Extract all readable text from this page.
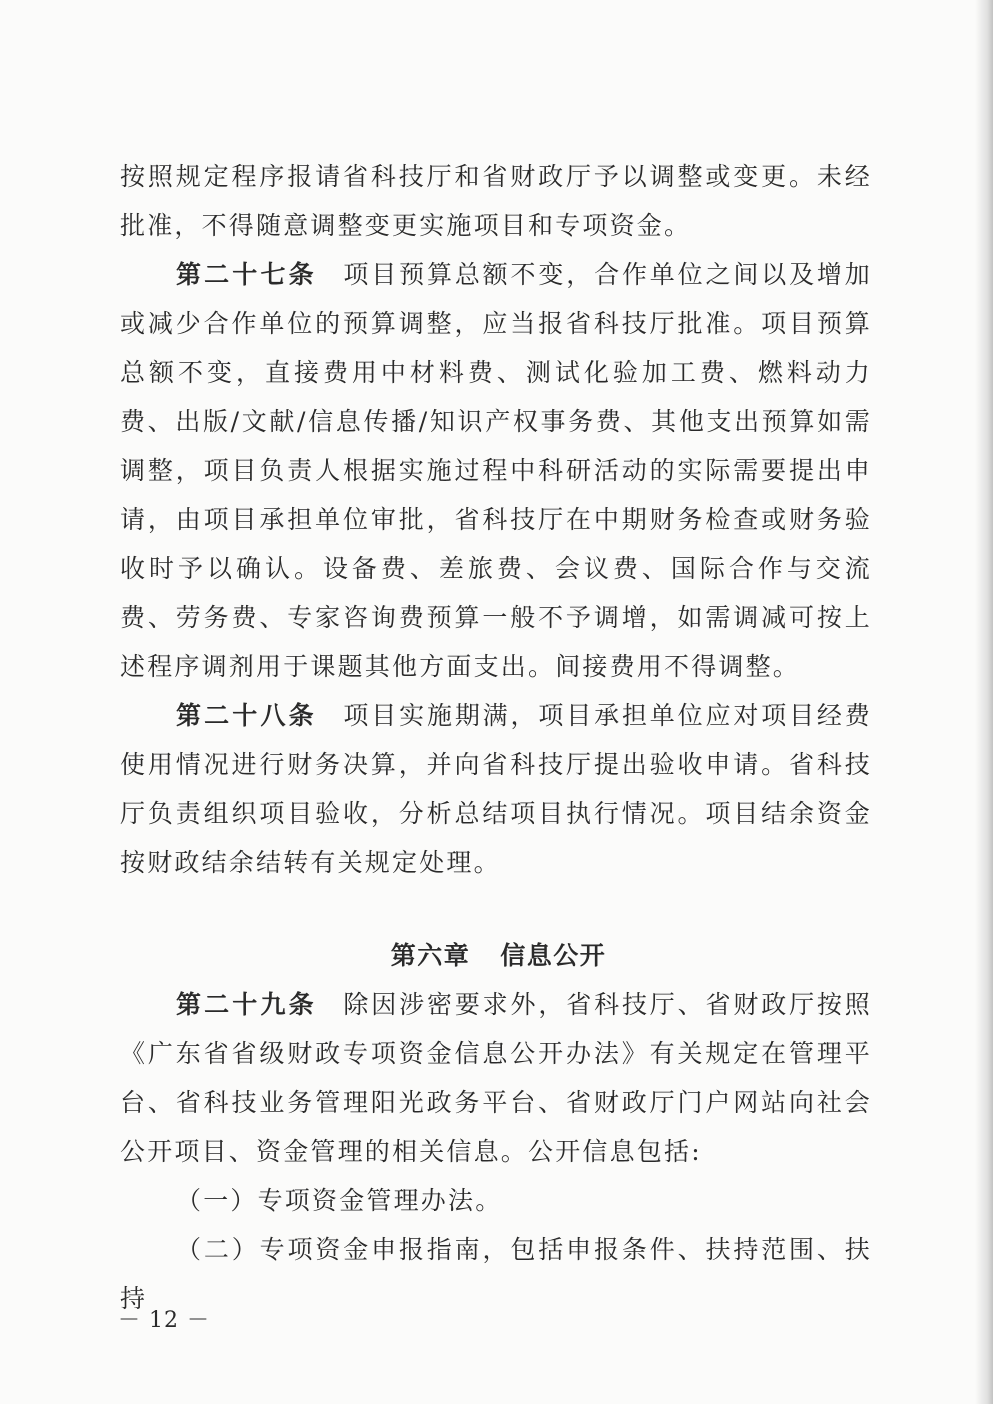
按照规定程序报请省科技厅和省财政厅予以调整或变更。未经批准，不得随意调整变更实施项目和专项资金。

第二十七条 项目预算总额不变，合作单位之间以及增加或减少合作单位的预算调整，应当报省科技厅批准。项目预算总额不变，直接费用中材料费、测试化验加工费、燃料动力费、出版/文献/信息传播/知识产权事务费、其他支出预算如需调整，项目负责人根据实施过程中科研活动的实际需要提出申请，由项目承担单位审批，省科技厅在中期财务检查或财务验收时予以确认。设备费、差旅费、会议费、国际合作与交流费、劳务费、专家咨询费预算一般不予调增，如需调减可按上述程序调剂用于课题其他方面支出。间接费用不得调整。

第二十八条 项目实施期满，项目承担单位应对项目经费使用情况进行财务决算，并向省科技厅提出验收申请。省科技厅负责组织项目验收，分析总结项目执行情况。项目结余资金按财政结余结转有关规定处理。

第六章 信息公开

第二十九条 除因涉密要求外，省科技厅、省财政厅按照《广东省省级财政专项资金信息公开办法》有关规定在管理平台、省科技业务管理阳光政务平台、省财政厅门户网站向社会公开项目、资金管理的相关信息。公开信息包括:

（一）专项资金管理办法。

（二）专项资金申报指南，包括申报条件、扶持范围、扶持

－ 12 －
